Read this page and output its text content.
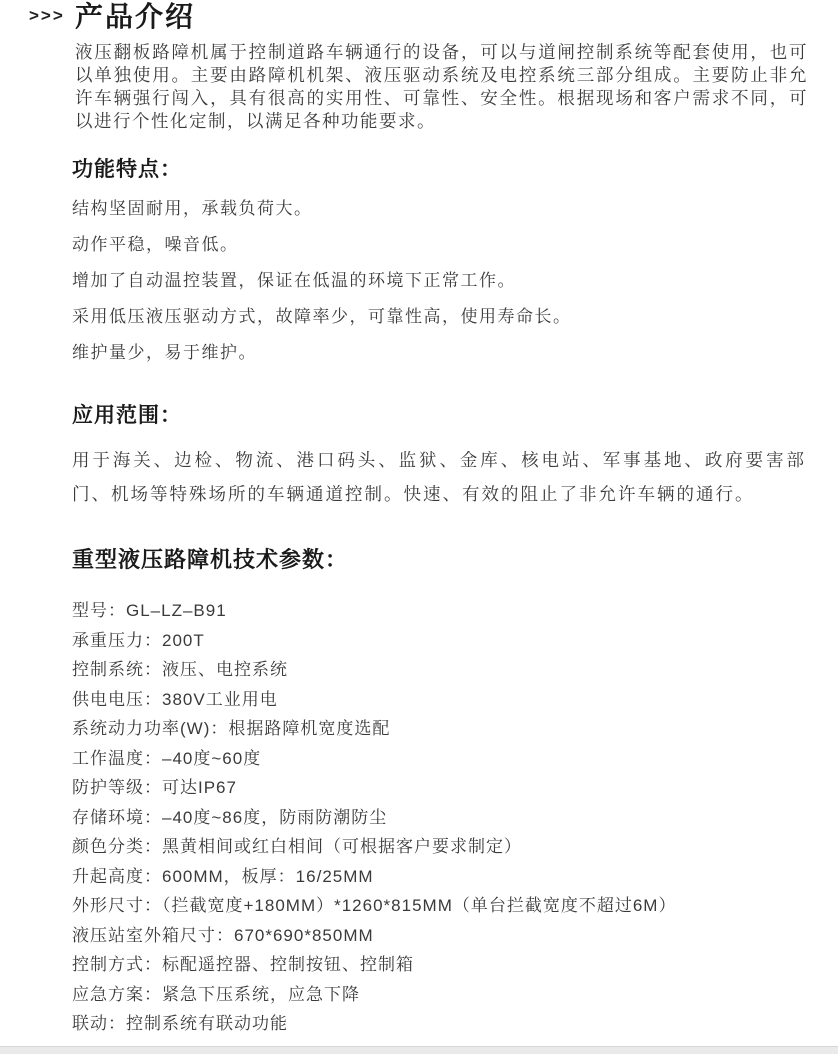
>>> 产品介绍

液压翻板路障机属于控制道路车辆通行的设备，可以与道闸控制系统等配套使用，也可以单独使用。主要由路障机机架、液压驱动系统及电控系统三部分组成。主要防止非允许车辆强行闯入，具有很高的实用性、可靠性、安全性。根据现场和客户需求不同，可以进行个性化定制，以满足各种功能要求。

功能特点：
结构坚固耐用，承载负荷大。
动作平稳，噪音低。
增加了自动温控装置，保证在低温的环境下正常工作。
采用低压液压驱动方式，故障率少，可靠性高，使用寿命长。
维护量少，易于维护。
应用范围：

用于海关、边检、物流、港口码头、监狱、金库、核电站、军事基地、政府要害部门、机场等特殊场所的车辆通道控制。快速、有效的阻止了非允许车辆的通行。

重型液压路障机技术参数：
型号：GL–LZ–B91
承重压力：200T
控制系统：液压、电控系统
供电电压：380V工业用电
系统动力功率(W)：根据路障机宽度选配
工作温度：–40度~60度
防护等级：可达IP67
存储环境：–40度~86度，防雨防潮防尘
颜色分类：黑黄相间或红白相间（可根据客户要求制定）
升起高度：600MM，板厚：16/25MM
外形尺寸：（拦截宽度+180MM）*1260*815MM（单台拦截宽度不超过6M）
液压站室外箱尺寸：670*690*850MM
控制方式：标配遥控器、控制按钮、控制箱
应急方案：紧急下压系统，应急下降
联动：控制系统有联动功能
